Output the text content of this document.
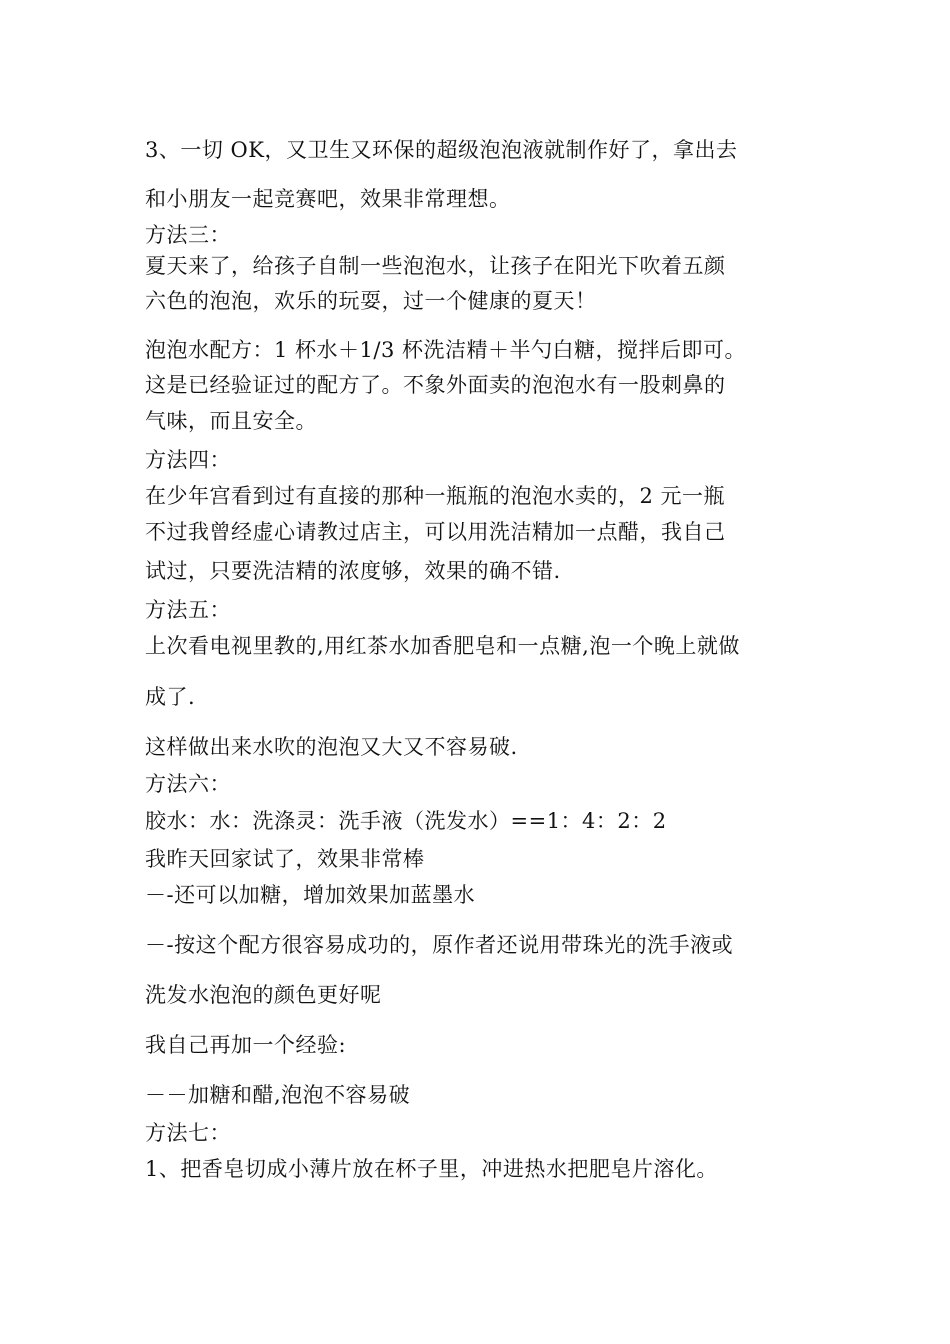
3、一切 OK，又卫生又环保的超级泡泡液就制作好了，拿出去
和小朋友一起竞赛吧，效果非常理想。
方法三：
夏天来了，给孩子自制一些泡泡水，让孩子在阳光下吹着五颜
六色的泡泡，欢乐的玩耍，过一个健康的夏天！
泡泡水配方：1 杯水＋1/3 杯洗洁精＋半勺白糖，搅拌后即可。
这是已经验证过的配方了。不象外面卖的泡泡水有一股刺鼻的
气味，而且安全。
方法四：
在少年宫看到过有直接的那种一瓶瓶的泡泡水卖的，2 元一瓶
不过我曾经虚心请教过店主，可以用洗洁精加一点醋，我自己
试过，只要洗洁精的浓度够，效果的确不错.
方法五：
上次看电视里教的,用红茶水加香肥皂和一点糖,泡一个晚上就做
成了.
这样做出来水吹的泡泡又大又不容易破.
方法六：
胶水：水：洗涤灵：洗手液（洗发水）==1：4：2：2
我昨天回家试了，效果非常棒
－-还可以加糖，增加效果加蓝墨水
－-按这个配方很容易成功的，原作者还说用带珠光的洗手液或
洗发水泡泡的颜色更好呢
我自己再加一个经验:
－－加糖和醋,泡泡不容易破
方法七：
1、把香皂切成小薄片放在杯子里，冲进热水把肥皂片溶化。
